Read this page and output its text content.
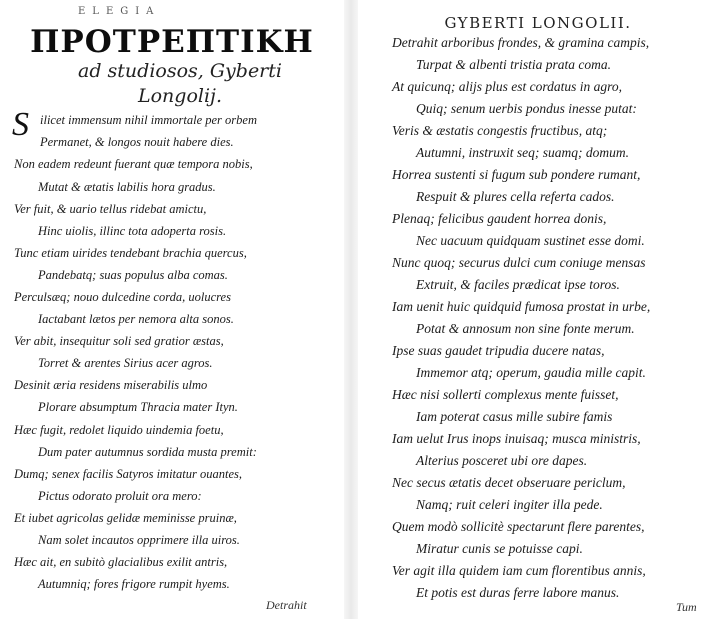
ELEGIA
ΠΡΟΤΡΕΠΤΙΚΗ
ad studiosos, Gyberti
Longolij.
S ilicet immensum nihil immortale per orbem
Permanet, & longos nouit habere dies.
Non eadem redeunt fuerant quæ tempora nobis,
Mutat & ætatis labilis hora gradus.
Ver fuit, & uario tellus ridebat amictu,
Hinc uiolis, illinc tota adoperta rosis.
Tunc etiam uirides tendebant brachia quercus,
Pandebatq; suas populus alba comas.
Perculsæq; nouo dulcedine corda, uolucres
Iactabant lætos per nemora alta sonos.
Ver abit, insequitur soli sed gratior æstas,
Torret & arentes Sirius acer agros.
Desinit æria residens miserabilis ulmo
Plorare absumptum Thracia mater Ityn.
Hæc fugit, redolet liquido uindemia foetu,
Dum pater autumnus sordida musta premit:
Dumq; senex facilis Satyros imitatur ouantes,
Pictus odorato proluit ora mero:
Et iubet agricolas gelidæ meminisse pruinæ,
Nam solet incautos opprimere illa uiros.
Hæc ait, en subitò glacialibus exilit antris,
Autumniq; fores frigore rumpit hyems.
Detrahit
GYBERTI LONGOLII.
Detrahit arboribus frondes, & gramina campis,
Turpat & albenti tristia prata coma.
At quicunq; alijs plus est cordatus in agro,
Quiq; senum uerbis pondus inesse putat:
Veris & æstatis congestis fructibus, atq;
Autumni, instruxit seq; suamq; domum.
Horrea sustenti si fugum sub pondere rumant,
Respuit & plures cella referta cados.
Plenaq; felicibus gaudent horrea donis,
Nec uacuum quidquam sustinet esse domi.
Nunc quoq; securus dulci cum coniuge mensas
Extruit, & faciles prædicat ipse toros.
Iam uenit huic quidquid fumosa prostat in urbe,
Potat & annosum non sine fonte merum.
Ipse suas gaudet tripudia ducere natas,
Immemor atq; operum, gaudia mille capit.
Hæc nisi sollerti complexus mente fuisset,
Iam poterat casus mille subire famis
Iam uelut Irus inops inuisaq; musca ministris,
Alterius posceret ubi ore dapes.
Nec secus ætatis decet obseruare periclum,
Namq; ruit celeri ingiter illa pede.
Quem modò sollicitè spectarunt flere parentes,
Miratur cunis se potuisse capi.
Ver agit illa quidem iam cum florentibus annis,
Et potis est duras ferre labore manus.
Tum
